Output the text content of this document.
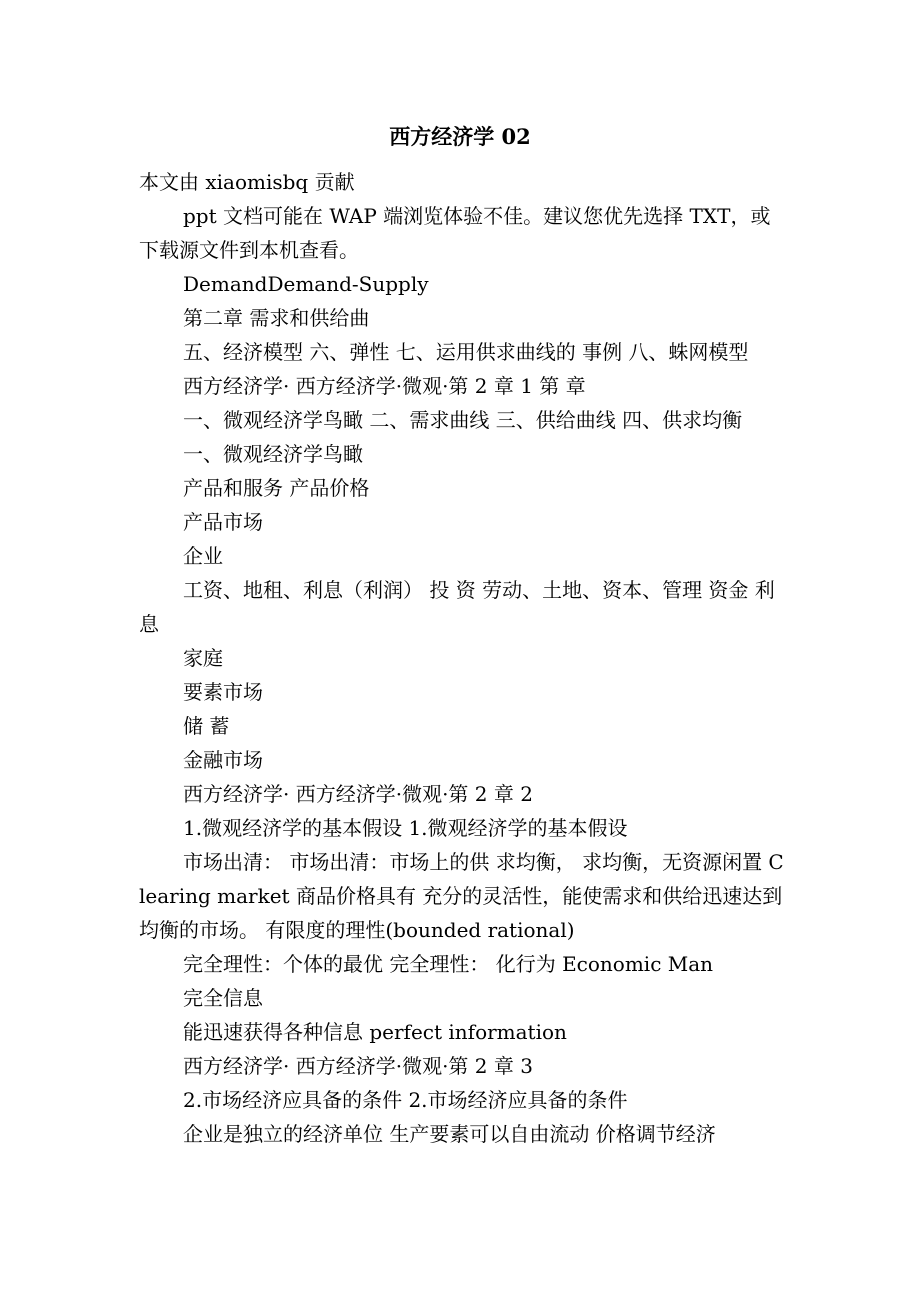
西方经济学 02

本文由 xiaomisbq 贡献

ppt 文档可能在 WAP 端浏览体验不佳。建议您优先选择 TXT，或下载源文件到本机查看。

DemandDemand-Supply

第二章 需求和供给曲

五、经济模型 六、弹性 七、运用供求曲线的 事例 八、蛛网模型

西方经济学· 西方经济学·微观·第 2 章 1 第 章

一、微观经济学鸟瞰 二、需求曲线 三、供给曲线 四、供求均衡

一、微观经济学鸟瞰

产品和服务 产品价格

产品市场

企业

工资、地租、利息（利润） 投 资 劳动、土地、资本、管理 资金 利息

家庭

要素市场

储 蓄

金融市场

西方经济学· 西方经济学·微观·第 2 章 2

1.微观经济学的基本假设 1.微观经济学的基本假设

市场出清： 市场出清：市场上的供 求均衡， 求均衡，无资源闲置 Clearing market 商品价格具有 充分的灵活性，能使需求和供给迅速达到均衡的市场。 有限度的理性(bounded rational)

完全理性：个体的最优 完全理性： 化行为 Economic Man

完全信息

能迅速获得各种信息 perfect information

西方经济学· 西方经济学·微观·第 2 章 3

2.市场经济应具备的条件 2.市场经济应具备的条件

企业是独立的经济单位 生产要素可以自由流动 价格调节经济
